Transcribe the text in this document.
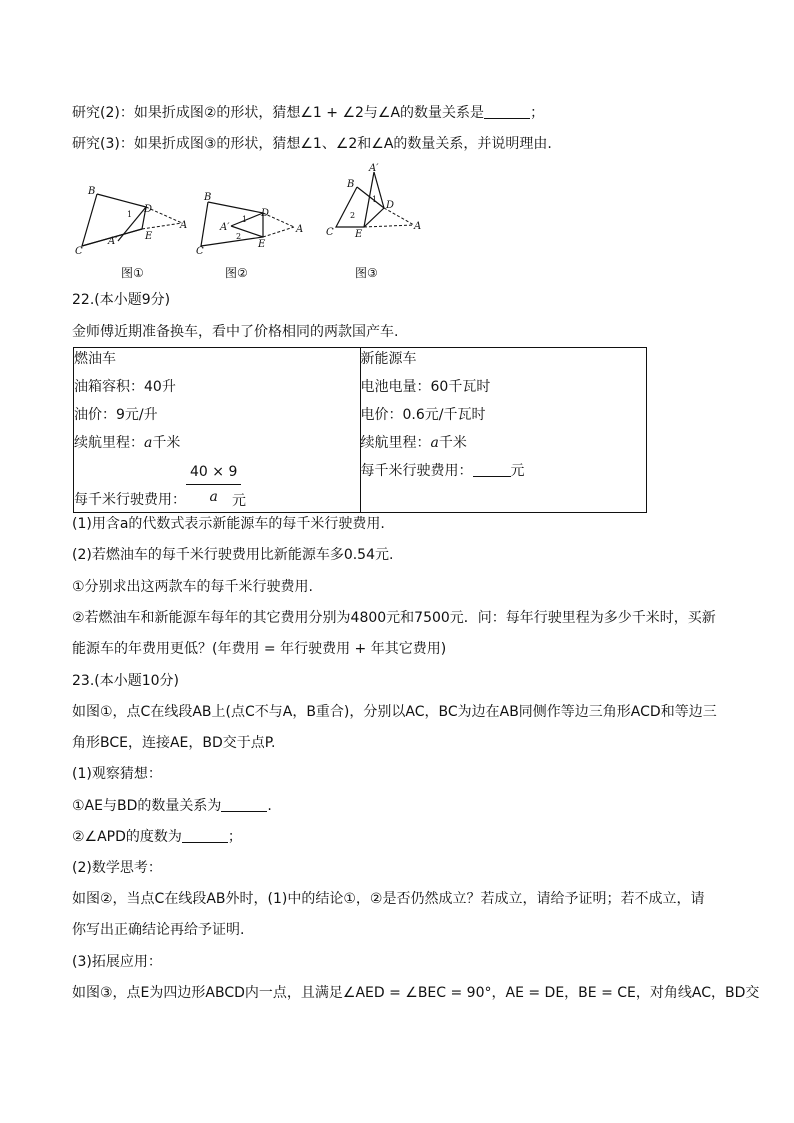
研究(2)：如果折成图②的形状，猜想∠1 + ∠2与∠A的数量关系是	；
研究(3)：如果折成图③的形状，猜想∠1、∠2和∠A的数量关系，并说明理由.
B
C
D
E
A
A′
1
图①
B
C
D
E
A
A′
1
2
图②
B
C
D
E
A
A′
1
2
图③
22.(本小题9分)
金师傅近期准备换车，看中了价格相同的两款国产车.
燃油车
油箱容积：40升
油价：9元/升
续航里程：a千米
每千米行驶费用： $\frac{40 \times 9}{a}$
元

新能源车
电池电量：60千瓦时
电价：0.6元/千瓦时
续航里程：a千米
每千米行驶费用：	元
(1)用含a的代数式表示新能源车的每千米行驶费用.
(2)若燃油车的每千米行驶费用比新能源车多0.54元.
①分别求出这两款车的每千米行驶费用.
②若燃油车和新能源车每年的其它费用分别为4800元和7500元．问：每年行驶里程为多少千米时，买新
能源车的年费用更低？(年费用 = 年行驶费用 + 年其它费用)
23.(本小题10分)
如图①，点C在线段AB上(点C不与A，B重合)，分别以AC，BC为边在AB同侧作等边三角形ACD和等边三
角形BCE，连接AE，BD交于点P.
(1)观察猜想：
①AE与BD的数量关系为	.
②∠APD的度数为	；
(2)数学思考：
如图②，当点C在线段AB外时，(1)中的结论①，②是否仍然成立？若成立，请给予证明；若不成立，请
你写出正确结论再给予证明.
(3)拓展应用：
如图③，点E为四边形ABCD内一点，且满足∠AED = ∠BEC = 90°，AE = DE，BE = CE，对角线AC，BD交
